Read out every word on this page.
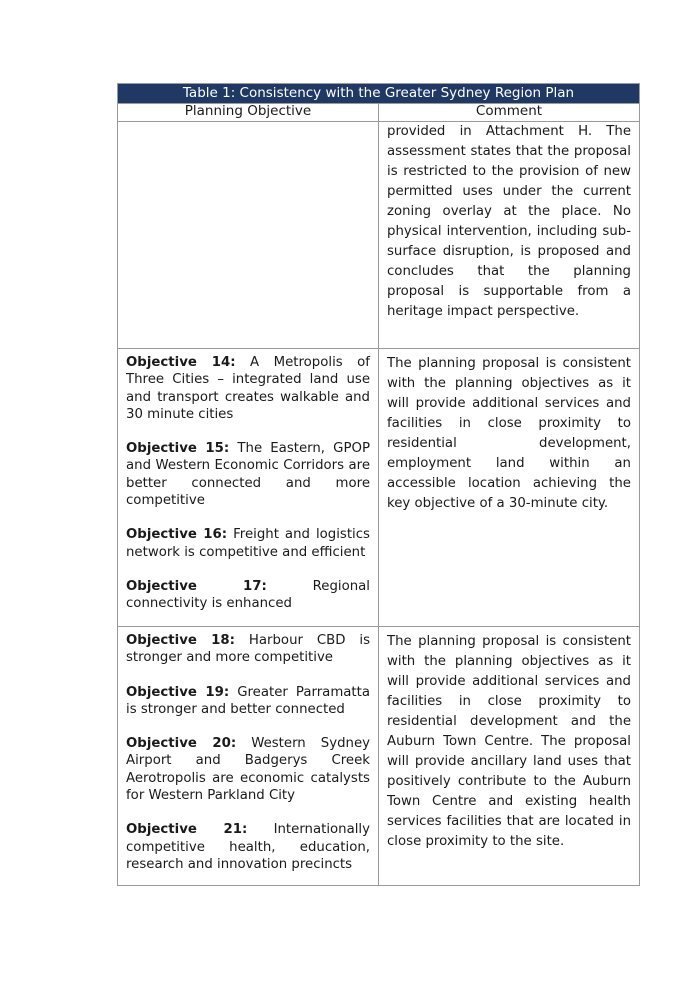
Table 1: Consistency with the Greater Sydney Region Plan
Planning Objective	Comment
provided in Attachment H. The assessment states that the proposal is restricted to the provision of new permitted uses under the current zoning overlay at the place. No physical intervention, including sub-surface disruption, is proposed and concludes that the planning proposal is supportable from a heritage impact perspective.
Objective 14: A Metropolis of Three Cities – integrated land use and transport creates walkable and 30 minute cities
Objective 15: The Eastern, GPOP and Western Economic Corridors are better connected and more competitive
Objective 16: Freight and logistics network is competitive and efficient
Objective 17: Regional connectivity is enhanced
The planning proposal is consistent with the planning objectives as it will provide additional services and facilities in close proximity to residential development, employment land within an accessible location achieving the key objective of a 30-minute city.
Objective 18: Harbour CBD is stronger and more competitive
Objective 19: Greater Parramatta is stronger and better connected
Objective 20: Western Sydney Airport and Badgerys Creek Aerotropolis are economic catalysts for Western Parkland City
Objective 21: Internationally competitive health, education, research and innovation precincts
The planning proposal is consistent with the planning objectives as it will provide additional services and facilities in close proximity to residential development and the Auburn Town Centre. The proposal will provide ancillary land uses that positively contribute to the Auburn Town Centre and existing health services facilities that are located in close proximity to the site.
